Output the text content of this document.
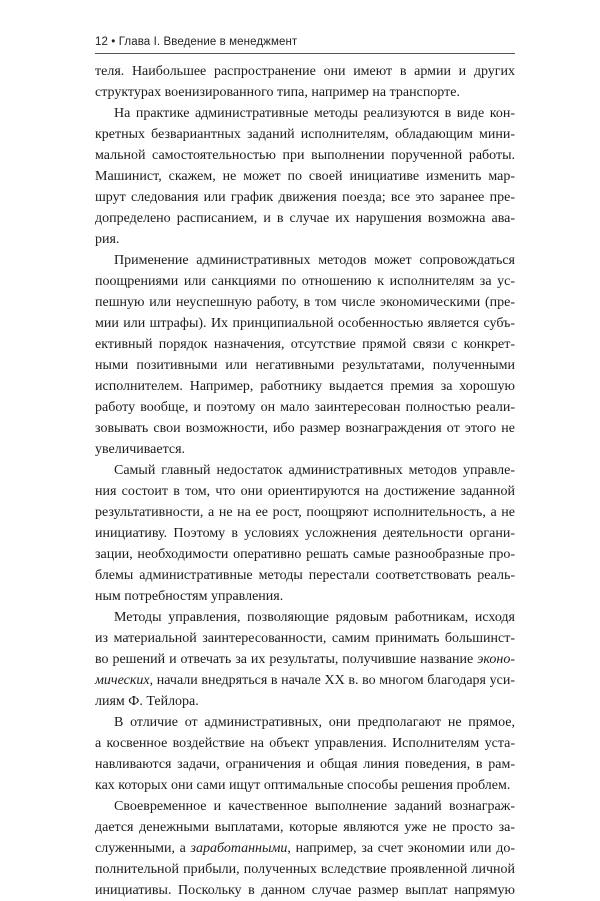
12 • Глава I. Введение в менеджмент
теля. Наибольшее распространение они имеют в армии и других
структурах военизированного типа, например на транспорте.
На практике административные методы реализуются в виде кон-
кретных безвариантных заданий исполнителям, обладающим мини-
мальной самостоятельностью при выполнении порученной работы.
Машинист, скажем, не может по своей инициативе изменить мар-
шрут следования или график движения поезда; все это заранее пре-
допределено расписанием, и в случае их нарушения возможна ава-
рия.
Применение административных методов может сопровождаться
поощрениями или санкциями по отношению к исполнителям за ус-
пешную или неуспешную работу, в том числе экономическими (пре-
мии или штрафы). Их принципиальной особенностью является субъ-
ективный порядок назначения, отсутствие прямой связи с конкрет-
ными позитивными или негативными результатами, полученными
исполнителем. Например, работнику выдается премия за хорошую
работу вообще, и поэтому он мало заинтересован полностью реали-
зовывать свои возможности, ибо размер вознаграждения от этого не
увеличивается.
Самый главный недостаток административных методов управле-
ния состоит в том, что они ориентируются на достижение заданной
результативности, а не на ее рост, поощряют исполнительность, а не
инициативу. Поэтому в условиях усложнения деятельности органи-
зации, необходимости оперативно решать самые разнообразные про-
блемы административные методы перестали соответствовать реаль-
ным потребностям управления.
Методы управления, позволяющие рядовым работникам, исходя
из материальной заинтересованности, самим принимать большинст-
во решений и отвечать за их результаты, получившие название эконо-
мических, начали внедряться в начале XX в. во многом благодаря уси-
лиям Ф. Тейлора.
В отличие от административных, они предполагают не прямое,
а косвенное воздействие на объект управления. Исполнителям уста-
навливаются задачи, ограничения и общая линия поведения, в рам-
ках которых они сами ищут оптимальные способы решения проблем.
Своевременное и качественное выполнение заданий вознаграж-
дается денежными выплатами, которые являются уже не просто за-
служенными, а заработанными, например, за счет экономии или до-
полнительной прибыли, полученных вследствие проявленной личной
инициативы. Поскольку в данном случае размер выплат напрямую
